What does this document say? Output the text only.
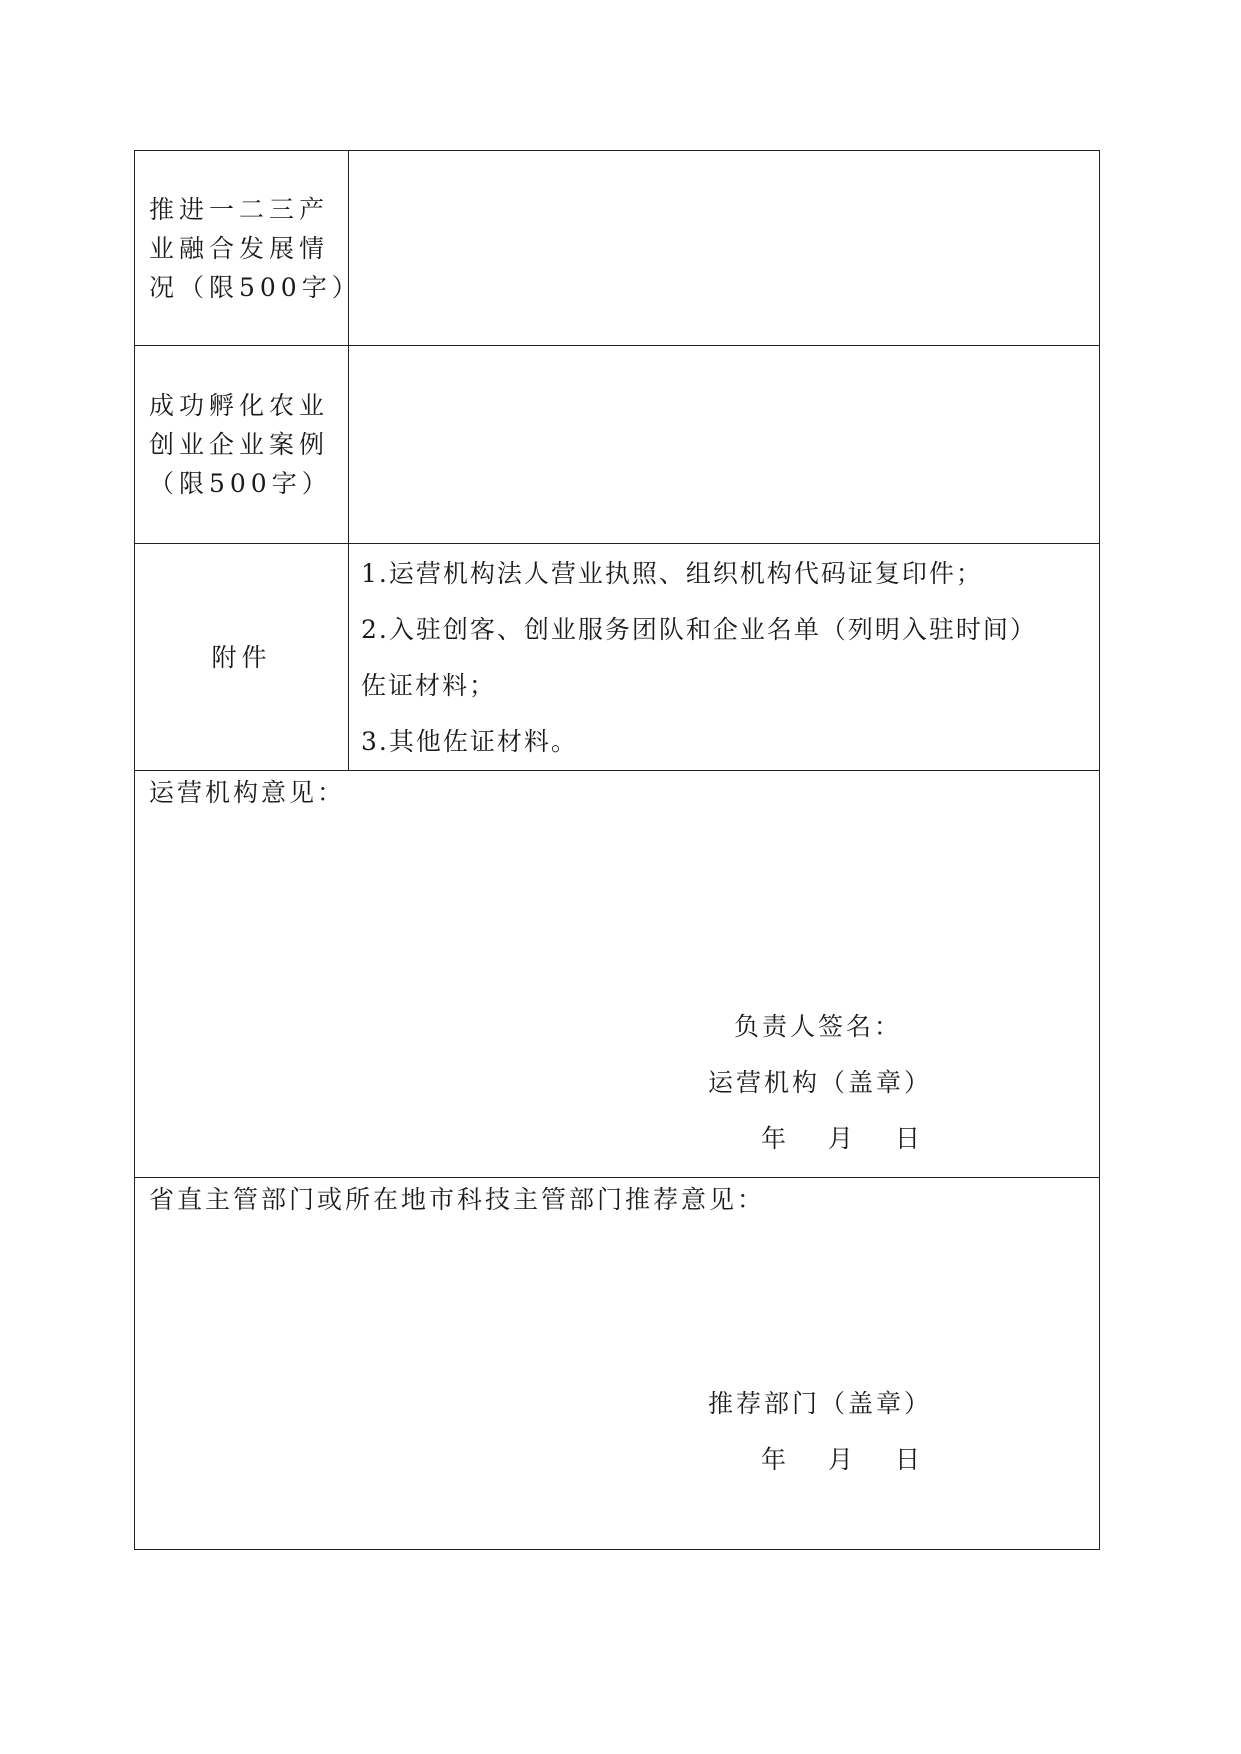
推进一二三产
业融合发展情
况（限500字）
成功孵化农业
创业企业案例
（限500字）
附件
1.运营机构法人营业执照、组织机构代码证复印件；
2.入驻创客、创业服务团队和企业名单（列明入驻时间）
佐证材料；
3.其他佐证材料。
运营机构意见：
负责人签名：
运营机构（盖章）
年 月 日
省直主管部门或所在地市科技主管部门推荐意见：
推荐部门（盖章）
年 月 日
